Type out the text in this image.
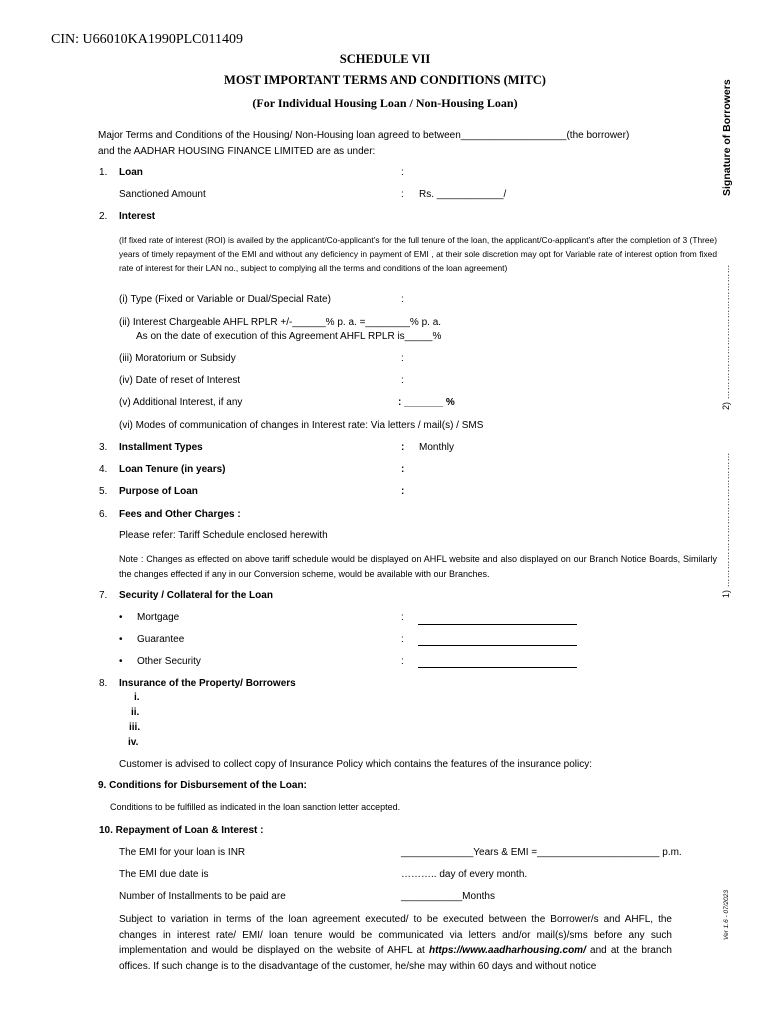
CIN: U66010KA1990PLC011409
SCHEDULE VII
MOST IMPORTANT TERMS AND CONDITIONS (MITC)
(For Individual Housing Loan / Non-Housing Loan)
Major Terms and Conditions of the Housing/ Non-Housing loan agreed to between___________________(the borrower)
and the AADHAR HOUSING FINANCE LIMITED are as under:
1. Loan	:
Sanctioned Amount	: Rs. ____________/
2. Interest
(If fixed rate of interest (ROI) is availed by the applicant/Co-applicant’s for the full tenure of the loan, the applicant/Co-applicant’s after the completion of 3 (Three) years of timely repayment of the EMI and without any deficiency in payment of EMI , at their sole discretion may opt for Variable rate of interest option from fixed rate of interest for their LAN no., subject to complying all the terms and conditions of the loan agreement)
(i) Type (Fixed or Variable or Dual/Special Rate)	:
(ii) Interest Chargeable AHFL RPLR +/-______% p. a. =________% p. a.
As on the date of execution of this Agreement AHFL RPLR is_____%
(iii) Moratorium or Subsidy	:
(iv) Date of reset of Interest	:
(v) Additional Interest, if any	: _______ %
(vi) Modes of communication of changes in Interest rate: Via letters / mail(s) / SMS
3. Installment Types	: Monthly
4. Loan Tenure (in years)	:
5. Purpose of Loan	:
6. Fees and Other Charges :
Please refer: Tariff Schedule enclosed herewith
Note : Changes as effected on above tariff schedule would be displayed on AHFL website and also displayed on our Branch Notice Boards, Similarly the changes effected if any in our Conversion scheme, would be available with our Branches.
7. Security / Collateral for the Loan
• Mortgage	:
• Guarantee	:
• Other Security	:
8. Insurance of the Property/ Borrowers
i.
ii.
iii.
iv.
Customer is advised to collect copy of Insurance Policy which contains the features of the insurance policy:
9. Conditions for Disbursement of the Loan:
Conditions to be fulfilled as indicated in the loan sanction letter accepted.
10. Repayment of Loan & Interest :
The EMI for your loan is INR	_____________Years & EMI =______________________ p.m.
The EMI due date is	……….. day of every month.
Number of Installments to be paid are	___________Months
Subject to variation in terms of the loan agreement executed/ to be executed between the Borrower/s and AHFL, the changes in interest rate/ EMI/ loan tenure would be communicated via letters and/or mail(s)/sms before any such implementation and would be displayed on the website of AHFL at https://www.aadharhousing.com/ and at the branch offices. If such change is to the disadvantage of the customer, he/she may within 60 days and without notice
Signature of Borrowers
2) ………………………………………
1) ………………………………………
Ver 1.6 - 07/2023
